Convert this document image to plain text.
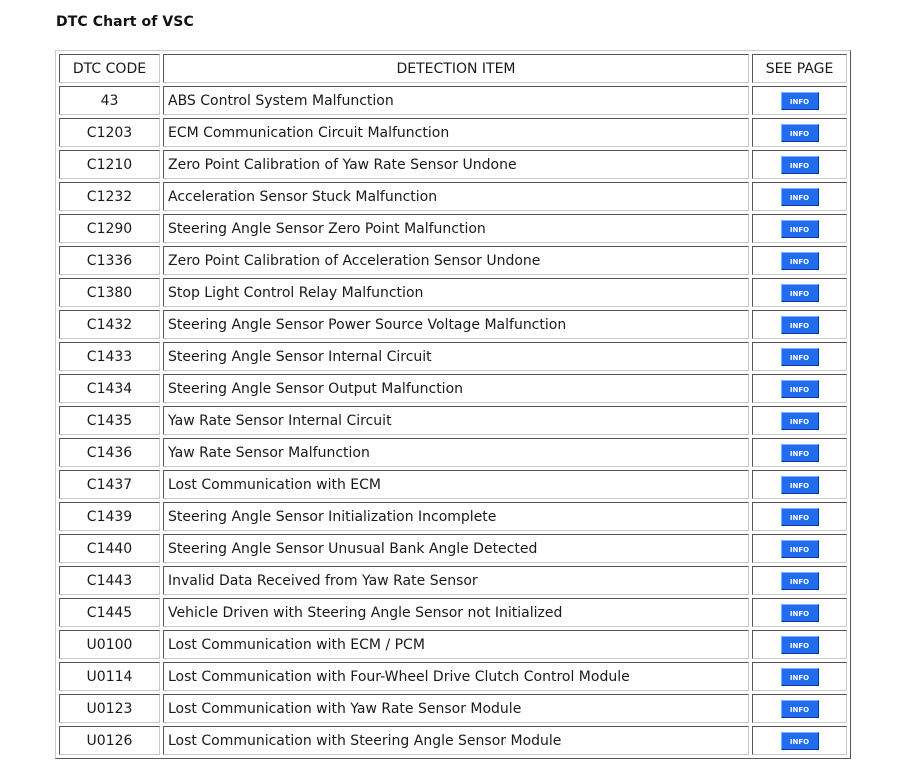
DTC Chart of VSC
DTC CODE	DETECTION ITEM	SEE PAGE
43	ABS Control System Malfunction	INFO
C1203	ECM Communication Circuit Malfunction	INFO
C1210	Zero Point Calibration of Yaw Rate Sensor Undone	INFO
C1232	Acceleration Sensor Stuck Malfunction	INFO
C1290	Steering Angle Sensor Zero Point Malfunction	INFO
C1336	Zero Point Calibration of Acceleration Sensor Undone	INFO
C1380	Stop Light Control Relay Malfunction	INFO
C1432	Steering Angle Sensor Power Source Voltage Malfunction	INFO
C1433	Steering Angle Sensor Internal Circuit	INFO
C1434	Steering Angle Sensor Output Malfunction	INFO
C1435	Yaw Rate Sensor Internal Circuit	INFO
C1436	Yaw Rate Sensor Malfunction	INFO
C1437	Lost Communication with ECM	INFO
C1439	Steering Angle Sensor Initialization Incomplete	INFO
C1440	Steering Angle Sensor Unusual Bank Angle Detected	INFO
C1443	Invalid Data Received from Yaw Rate Sensor	INFO
C1445	Vehicle Driven with Steering Angle Sensor not Initialized	INFO
U0100	Lost Communication with ECM / PCM	INFO
U0114	Lost Communication with Four-Wheel Drive Clutch Control Module	INFO
U0123	Lost Communication with Yaw Rate Sensor Module	INFO
U0126	Lost Communication with Steering Angle Sensor Module	INFO
